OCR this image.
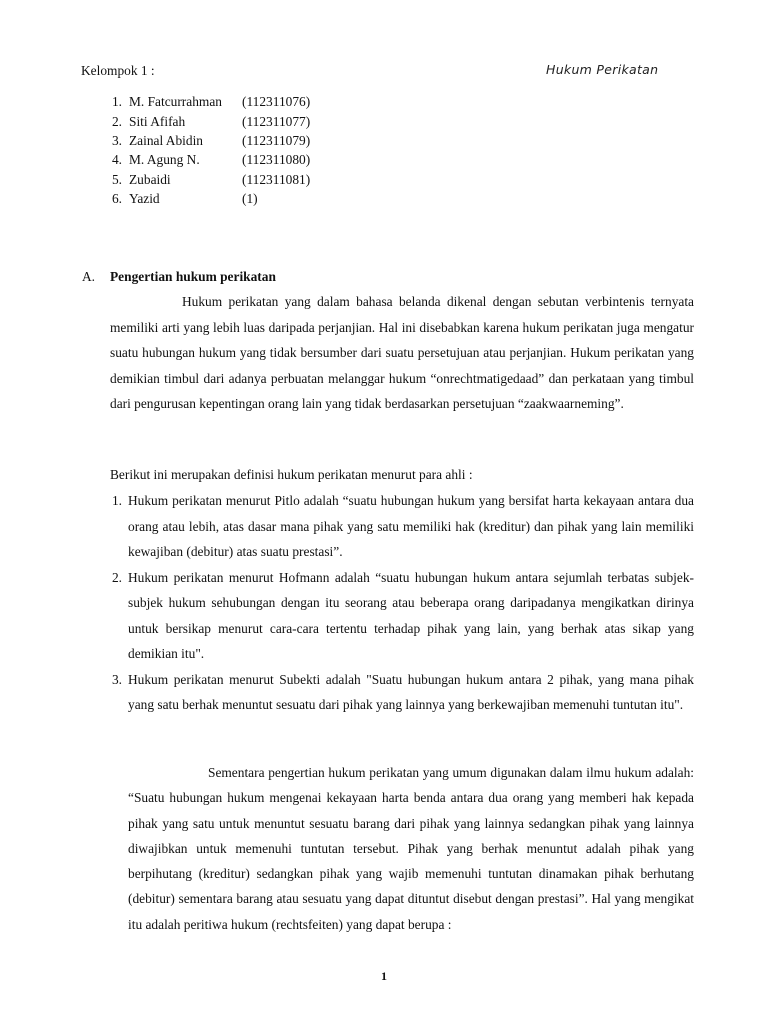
Kelompok 1 :	Hukum Perikatan
1. M. Fatcurrahman (112311076)
2. Siti Afifah	(112311077)
3. Zainal Abidin	(112311079)
4. M. Agung N.	(112311080)
5. Zubaidi	(112311081)
6. Yazid	(1)
A. Pengertian hukum perikatan
Hukum perikatan yang dalam bahasa belanda dikenal dengan sebutan verbintenis ternyata memiliki arti yang lebih luas daripada perjanjian. Hal ini disebabkan karena hukum perikatan juga mengatur suatu hubungan hukum yang tidak bersumber dari suatu persetujuan atau perjanjian. Hukum perikatan yang demikian timbul dari adanya perbuatan melanggar hukum “onrechtmatigedaad” dan perkataan yang timbul dari pengurusan kepentingan orang lain yang tidak berdasarkan persetujuan “zaakwaarneming”.
Berikut ini merupakan definisi hukum perikatan menurut para ahli :
1. Hukum perikatan menurut Pitlo adalah “suatu hubungan hukum yang bersifat harta kekayaan antara dua orang atau lebih, atas dasar mana pihak yang satu memiliki hak (kreditur) dan pihak yang lain memiliki kewajiban (debitur) atas suatu prestasi”.
2. Hukum perikatan menurut Hofmann adalah “suatu hubungan hukum antara sejumlah terbatas subjek-subjek hukum sehubungan dengan itu seorang atau beberapa orang daripadanya mengikatkan dirinya untuk bersikap menurut cara-cara tertentu terhadap pihak yang lain, yang berhak atas sikap yang demikian itu".
3. Hukum perikatan menurut Subekti adalah "Suatu hubungan hukum antara 2 pihak, yang mana pihak yang satu berhak menuntut sesuatu dari pihak yang lainnya yang berkewajiban memenuhi tuntutan itu".
Sementara pengertian hukum perikatan yang umum digunakan dalam ilmu hukum adalah: “Suatu hubungan hukum mengenai kekayaan harta benda antara dua orang yang memberi hak kepada pihak yang satu untuk menuntut sesuatu barang dari pihak yang lainnya sedangkan pihak yang lainnya diwajibkan untuk memenuhi tuntutan tersebut. Pihak yang berhak menuntut adalah pihak yang berpihutang (kreditur) sedangkan pihak yang wajib memenuhi tuntutan dinamakan pihak berhutang (debitur) sementara barang atau sesuatu yang dapat dituntut disebut dengan prestasi”. Hal yang mengikat itu adalah peritiwa hukum (rechtsfeiten) yang dapat berupa :
1
